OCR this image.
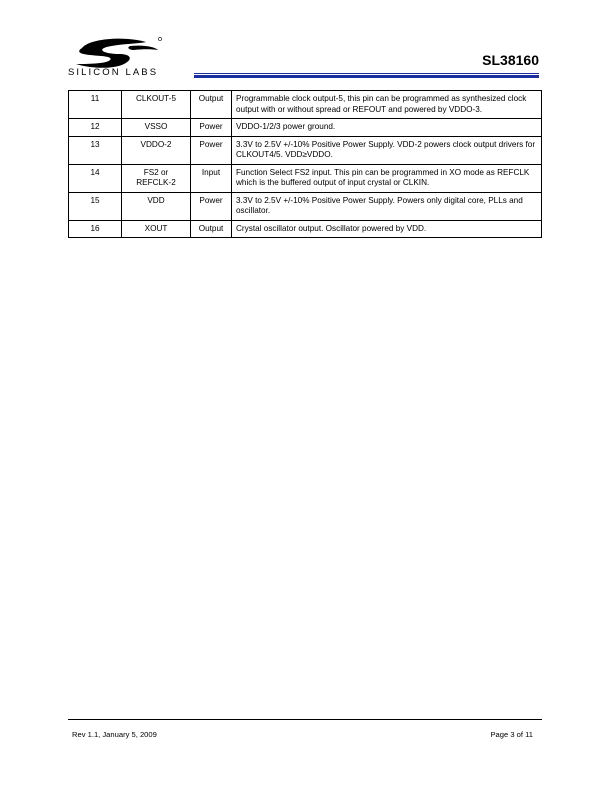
SILICON LABS
SL38160
11	CLKOUT-5	Output	Programmable clock output-5, this pin can be programmed as synthesized clock output with or without spread or REFOUT and powered by VDDO-3.
12	VSSO	Power	VDDO-1/2/3 power ground.
13	VDDO-2	Power	3.3V to 2.5V +/-10% Positive Power Supply. VDD-2 powers clock output drivers for CLKOUT4/5. VDD≥VDDO.
14	FS2 or REFCLK-2	Input	Function Select FS2 input. This pin can be programmed in XO mode as REFCLK which is the buffered output of input crystal or CLKIN.
15	VDD	Power	3.3V to 2.5V +/-10% Positive Power Supply. Powers only digital core, PLLs and oscillator.
16	XOUT	Output	Crystal oscillator output. Oscillator powered by VDD.
Rev 1.1, January 5, 2009	Page 3 of 11
